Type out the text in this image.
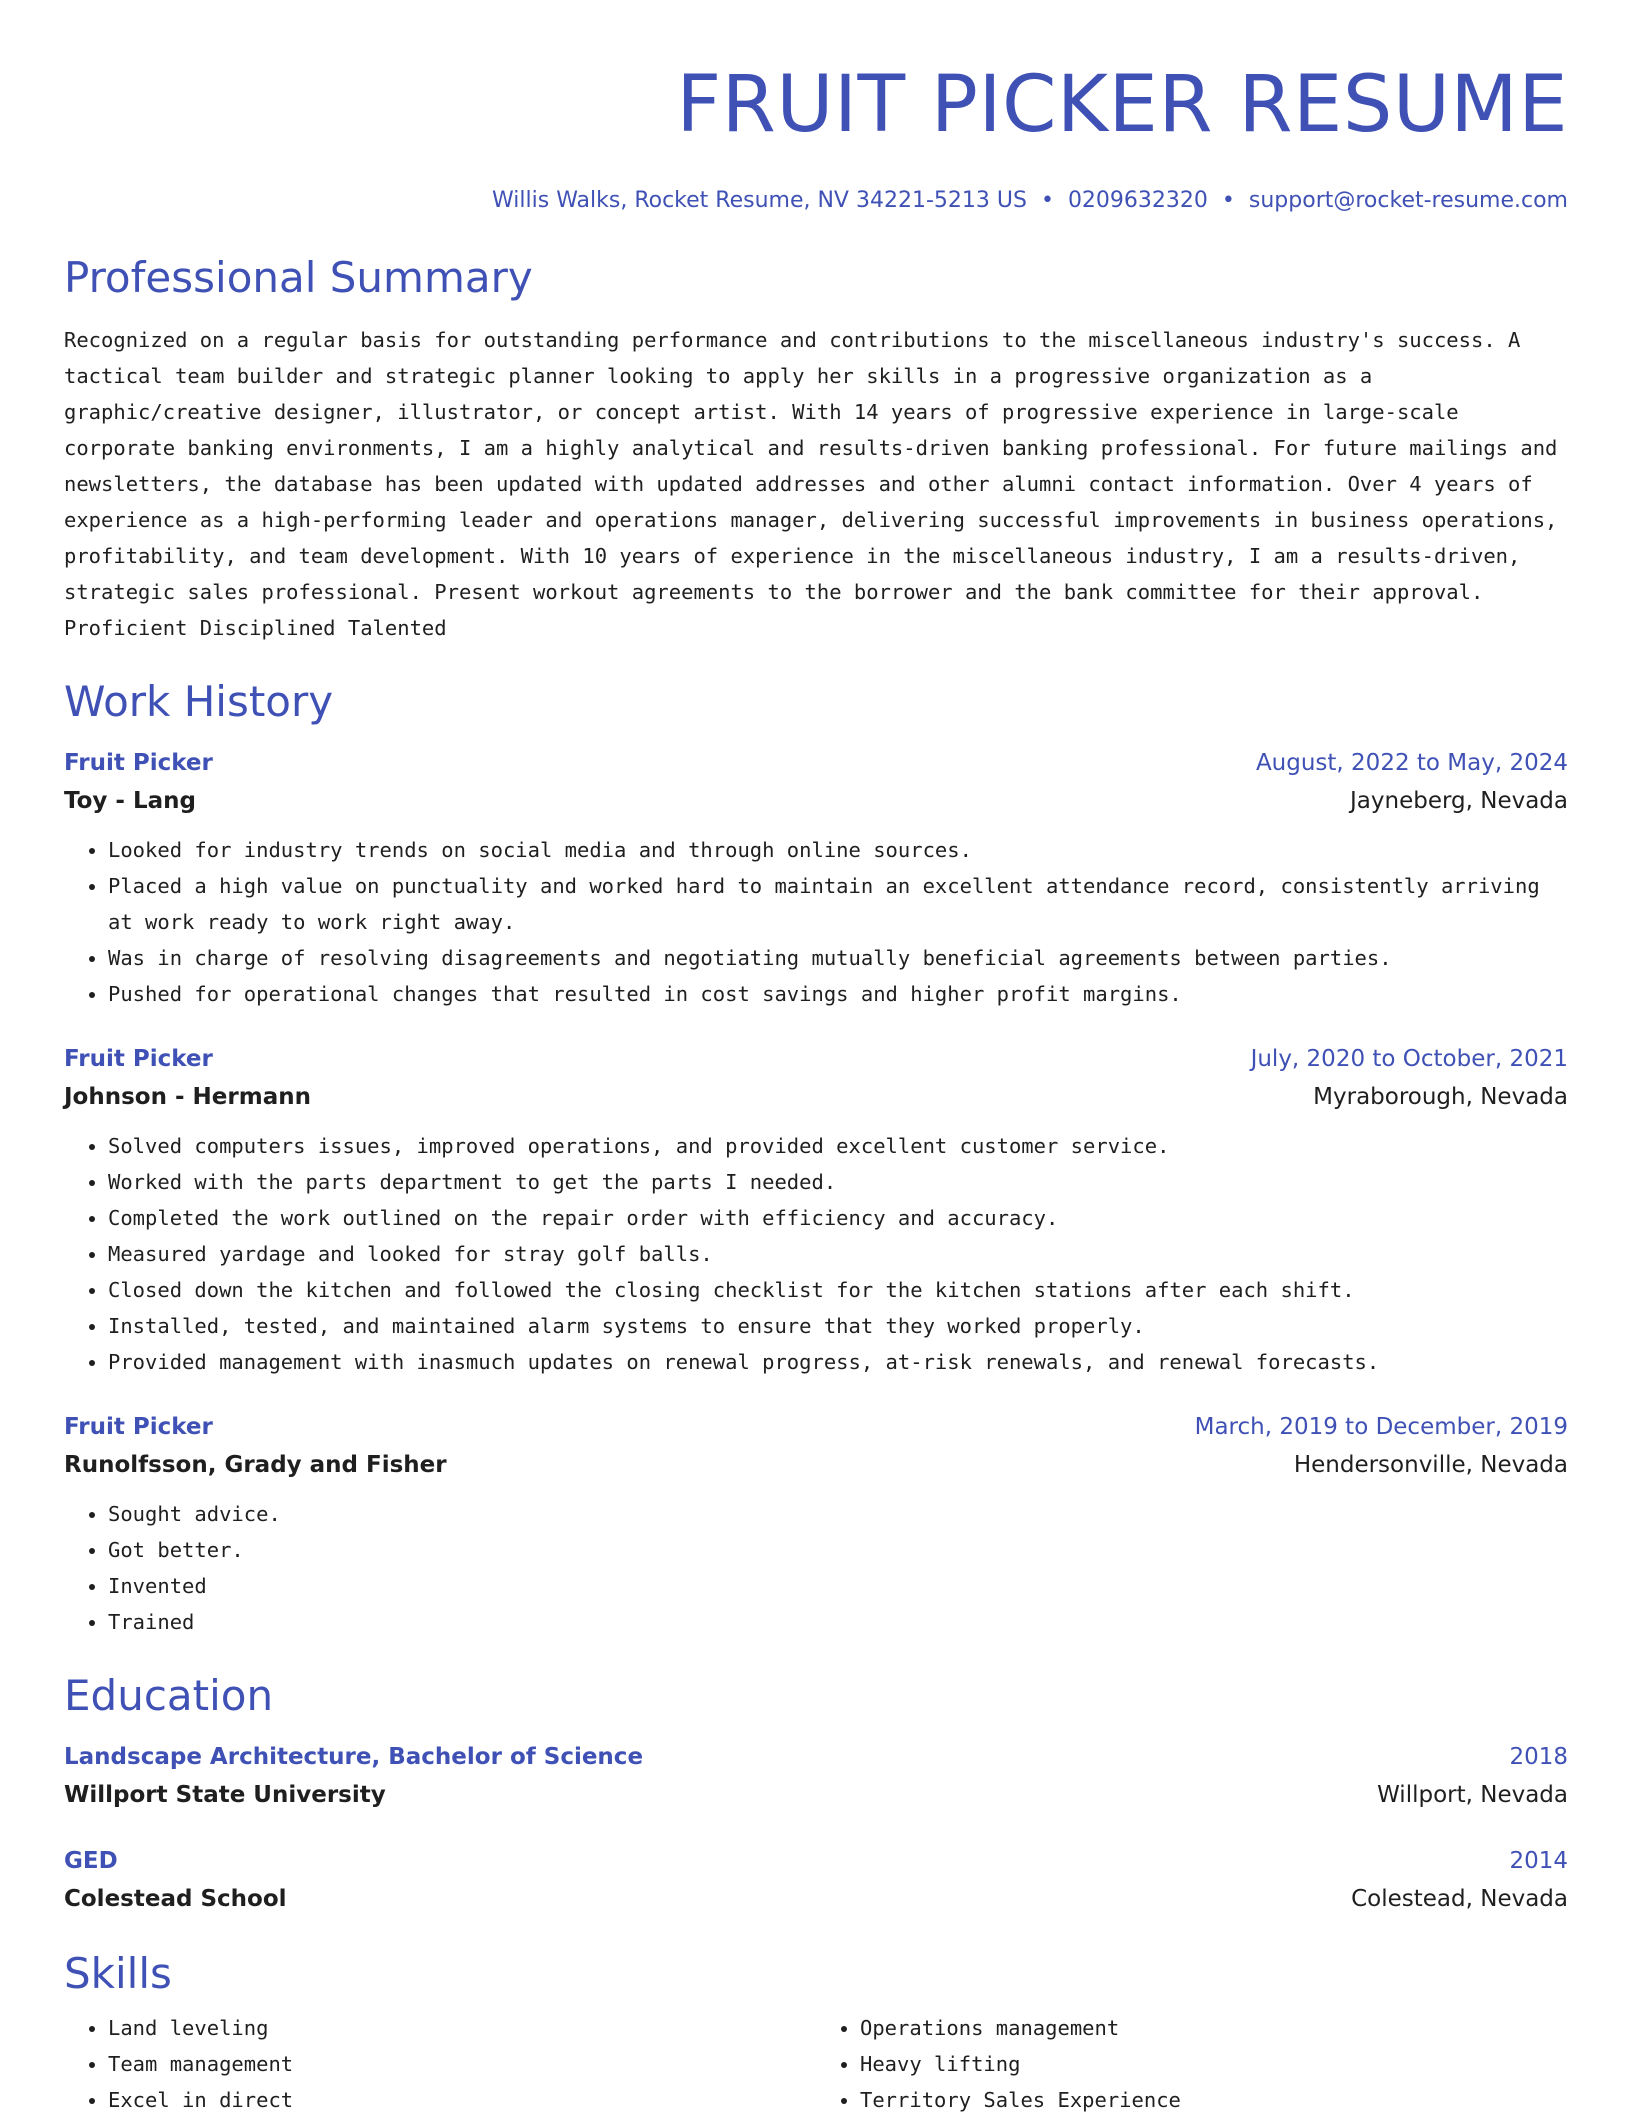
FRUIT PICKER RESUME
Willis Walks, Rocket Resume, NV 34221-5213 US • 0209632320 • support@rocket-resume.com
Professional Summary
Recognized on a regular basis for outstanding performance and contributions to the miscellaneous industry's success. A tactical team builder and strategic planner looking to apply her skills in a progressive organization as a graphic/creative designer, illustrator, or concept artist. With 14 years of progressive experience in large-scale corporate banking environments, I am a highly analytical and results-driven banking professional. For future mailings and newsletters, the database has been updated with updated addresses and other alumni contact information. Over 4 years of experience as a high-performing leader and operations manager, delivering successful improvements in business operations, profitability, and team development. With 10 years of experience in the miscellaneous industry, I am a results-driven, strategic sales professional. Present workout agreements to the borrower and the bank committee for their approval. Proficient Disciplined Talented
Work History
Fruit Picker	August, 2022 to May, 2024
Toy - Lang	Jayneberg, Nevada
• Looked for industry trends on social media and through online sources.
• Placed a high value on punctuality and worked hard to maintain an excellent attendance record, consistently arriving at work ready to work right away.
• Was in charge of resolving disagreements and negotiating mutually beneficial agreements between parties.
• Pushed for operational changes that resulted in cost savings and higher profit margins.
Fruit Picker	July, 2020 to October, 2021
Johnson - Hermann	Myraborough, Nevada
• Solved computers issues, improved operations, and provided excellent customer service.
• Worked with the parts department to get the parts I needed.
• Completed the work outlined on the repair order with efficiency and accuracy.
• Measured yardage and looked for stray golf balls.
• Closed down the kitchen and followed the closing checklist for the kitchen stations after each shift.
• Installed, tested, and maintained alarm systems to ensure that they worked properly.
• Provided management with inasmuch updates on renewal progress, at-risk renewals, and renewal forecasts.
Fruit Picker	March, 2019 to December, 2019
Runolfsson, Grady and Fisher	Hendersonville, Nevada
• Sought advice.
• Got better.
• Invented
• Trained
Education
Landscape Architecture, Bachelor of Science	2018
Willport State University	Willport, Nevada
GED	2014
Colestead School	Colestead, Nevada
Skills
• Land leveling
• Team management
• Excel in direct
• Operations management
• Heavy lifting
• Territory Sales Experience
